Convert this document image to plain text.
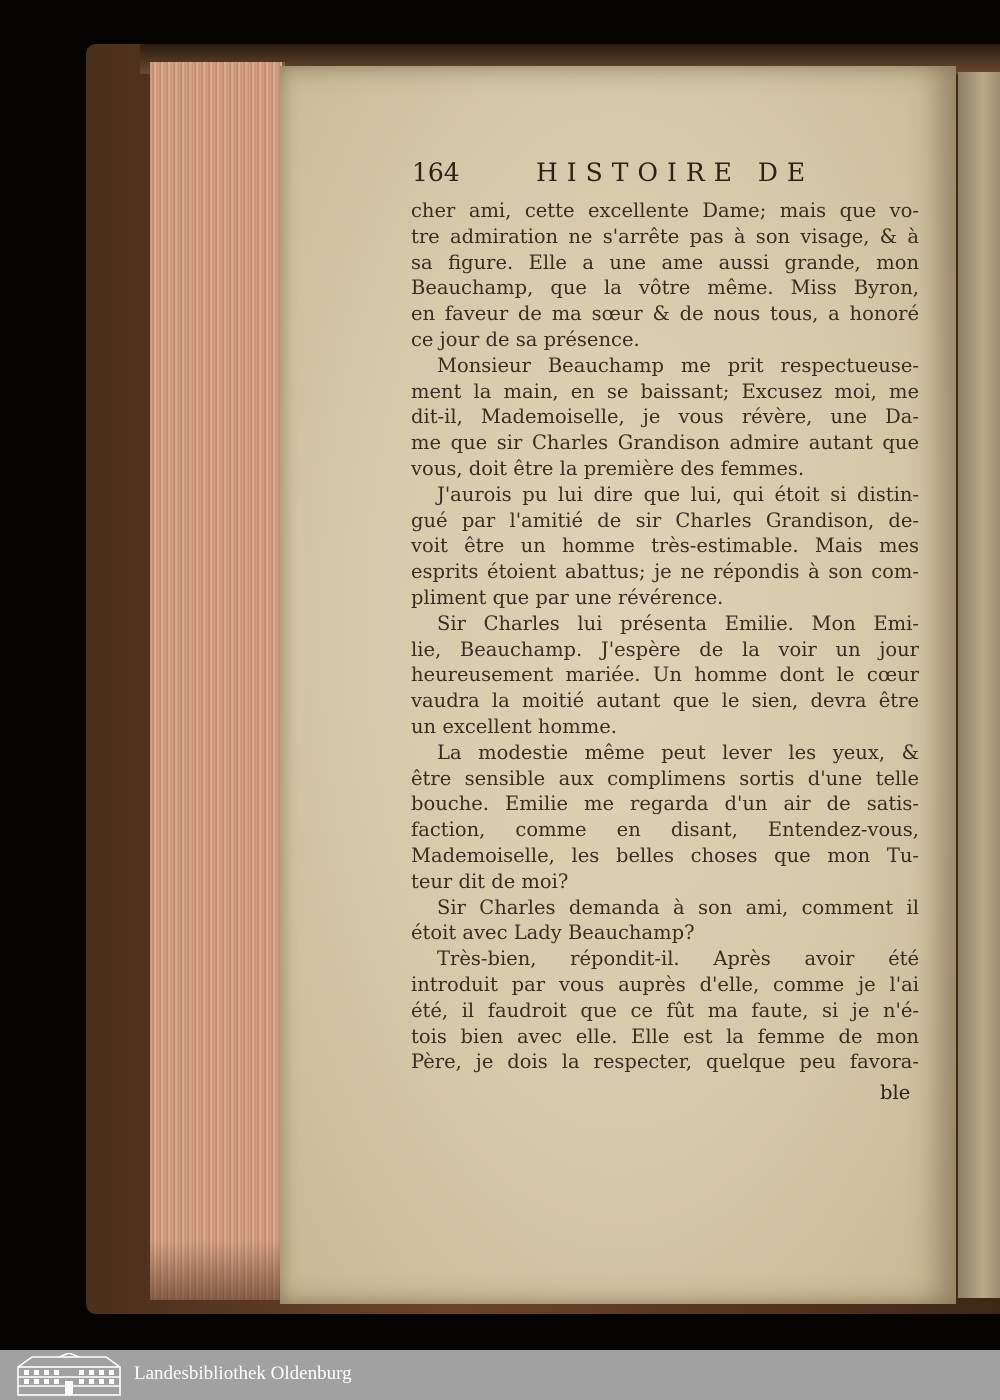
164	HISTOIRE DE
cher ami, cette excellente Dame; mais que vo-
tre admiration ne s'arrête pas à son visage, & à
sa figure. Elle a une ame aussi grande, mon
Beauchamp, que la vôtre même. Miss Byron,
en faveur de ma sœur & de nous tous, a honoré
ce jour de sa présence.
Monsieur Beauchamp me prit respectueuse-
ment la main, en se baissant; Excusez moi, me
dit-il, Mademoiselle, je vous révère, une Da-
me que sir Charles Grandison admire autant que
vous, doit être la première des femmes.
J'aurois pu lui dire que lui, qui étoit si distin-
gué par l'amitié de sir Charles Grandison, de-
voit être un homme très-estimable. Mais mes
esprits étoient abattus; je ne répondis à son com-
pliment que par une révérence.
Sir Charles lui présenta Emilie. Mon Emi-
lie, Beauchamp. J'espère de la voir un jour
heureusement mariée. Un homme dont le cœur
vaudra la moitié autant que le sien, devra être
un excellent homme.
La modestie même peut lever les yeux, &
être sensible aux complimens sortis d'une telle
bouche. Emilie me regarda d'un air de satis-
faction, comme en disant, Entendez-vous,
Mademoiselle, les belles choses que mon Tu-
teur dit de moi?
Sir Charles demanda à son ami, comment il
étoit avec Lady Beauchamp?
Très-bien, répondit-il. Après avoir été
introduit par vous auprès d'elle, comme je l'ai
été, il faudroit que ce fût ma faute, si je n'é-
tois bien avec elle. Elle est la femme de mon
Père, je dois la respecter, quelque peu favora-
ble
Landesbibliothek Oldenburg
